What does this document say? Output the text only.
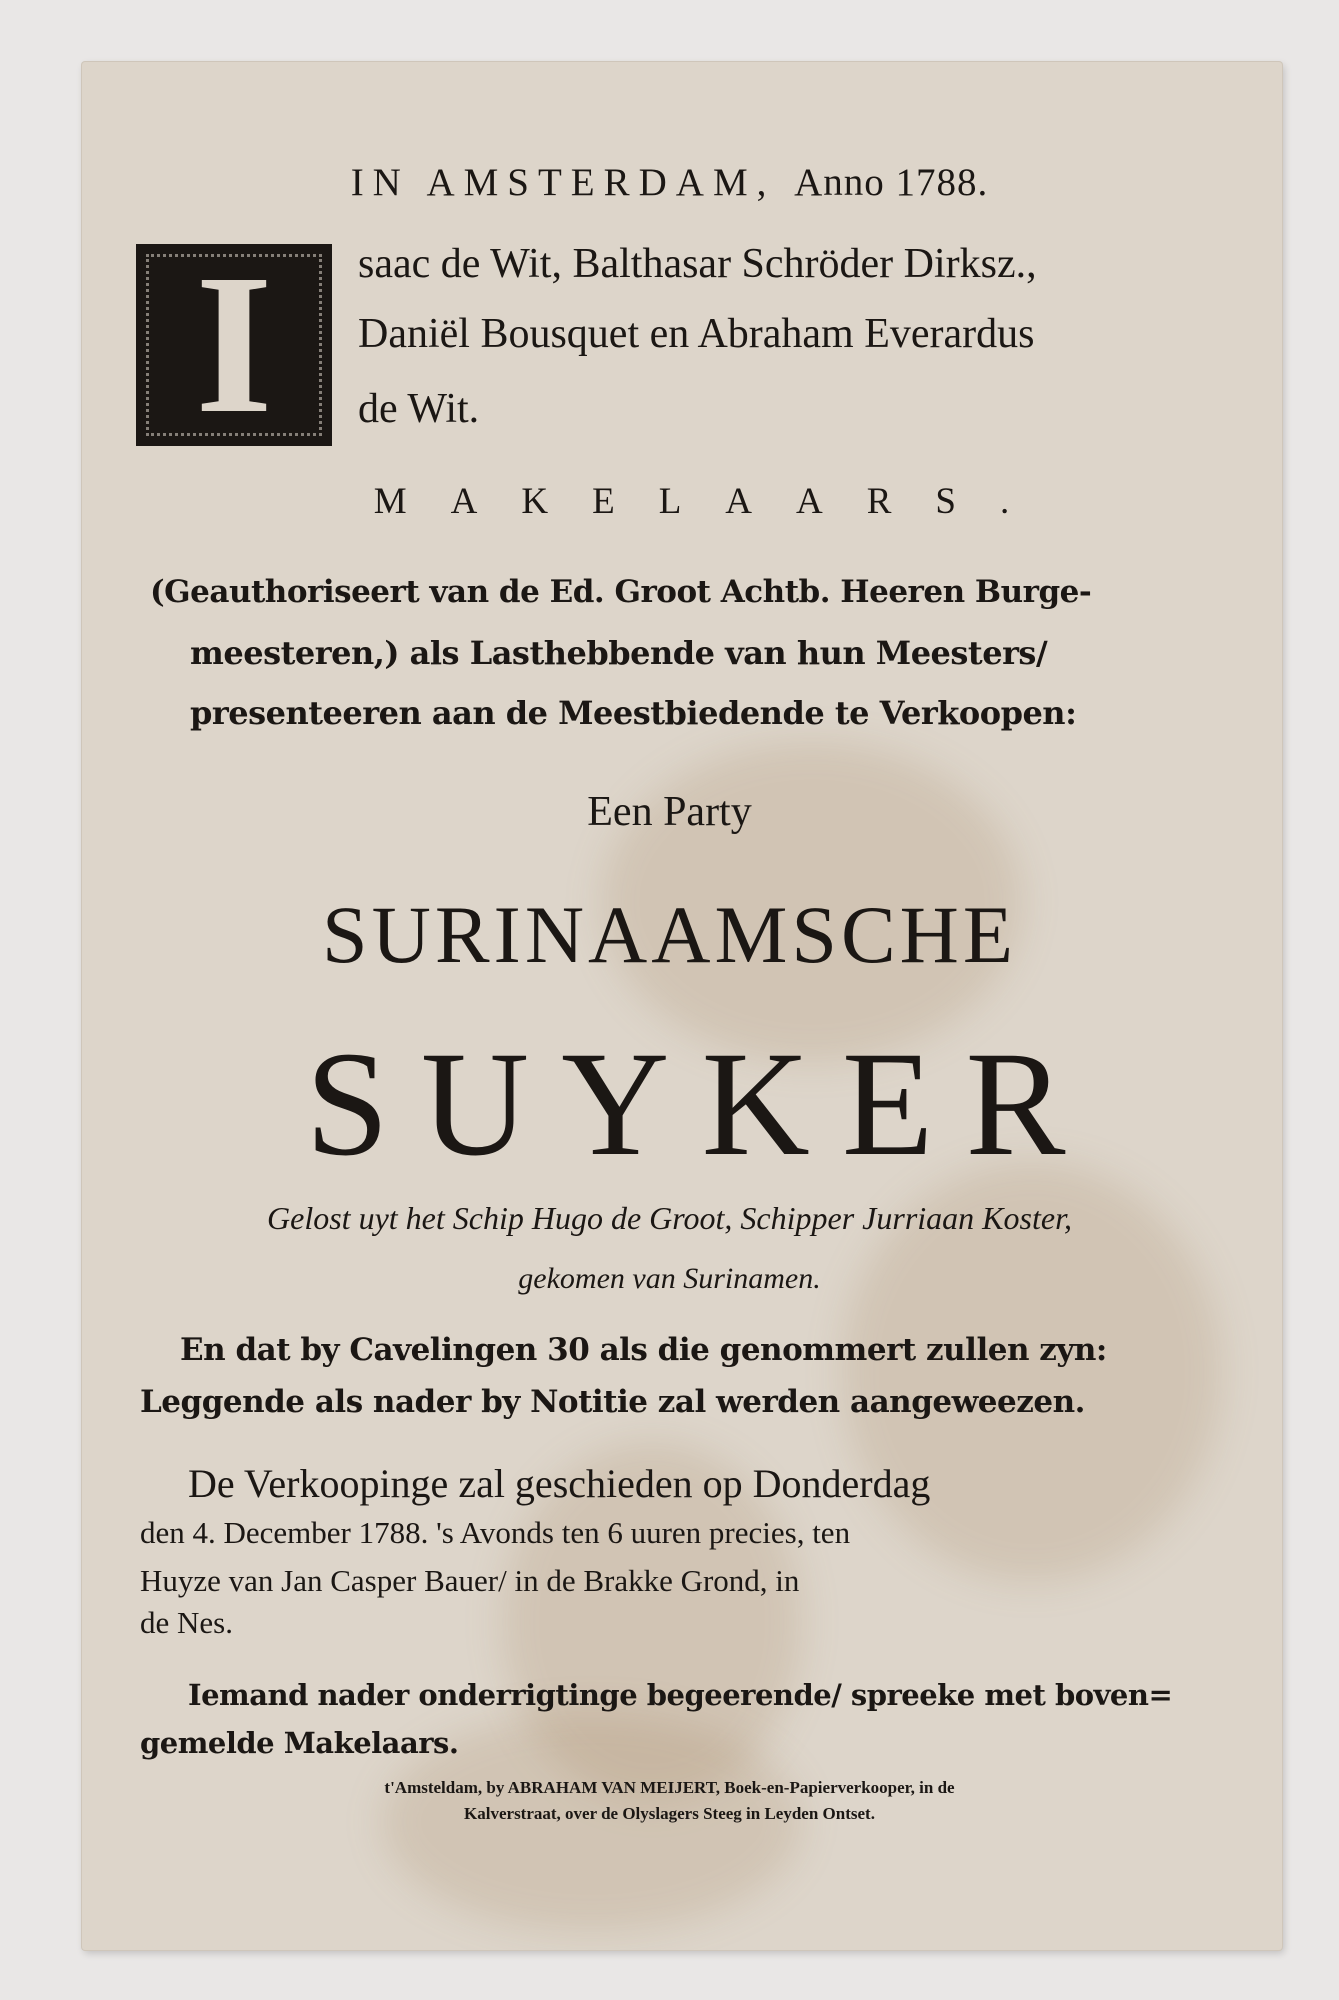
IN AMSTERDAM, Anno 1788.
I	saac de Wit, Balthasar Schröder Dirksz.,
Daniël Bousquet en Abraham Everardus
de Wit.
MAKELAARS.
(Geauthoriseert van de Ed. Groot Achtb. Heeren Burge-
meesteren,) als Lasthebbende van hun Meesters/
presenteeren aan de Meestbiedende te Verkoopen:
Een Party
SURINAAMSCHE
SUYKER
Gelost uyt het Schip Hugo de Groot, Schipper Jurriaan Koster,
gekomen van Surinamen.
En dat by Cavelingen 30 als die genommert zullen zyn:
Leggende als nader by Notitie zal werden aangeweezen.
De Verkoopinge zal geschieden op Donderdag
den 4. December 1788. 's Avonds ten 6 uuren precies, ten
Huyze van Jan Casper Bauer/ in de Brakke Grond, in
de Nes.
Iemand nader onderrigtinge begeerende/ spreeke met boven=
gemelde Makelaars.
t'Amsteldam, by ABRAHAM VAN MEIJERT, Boek-en-Papierverkooper, in de
Kalverstraat, over de Olyslagers Steeg in Leyden Ontset.
